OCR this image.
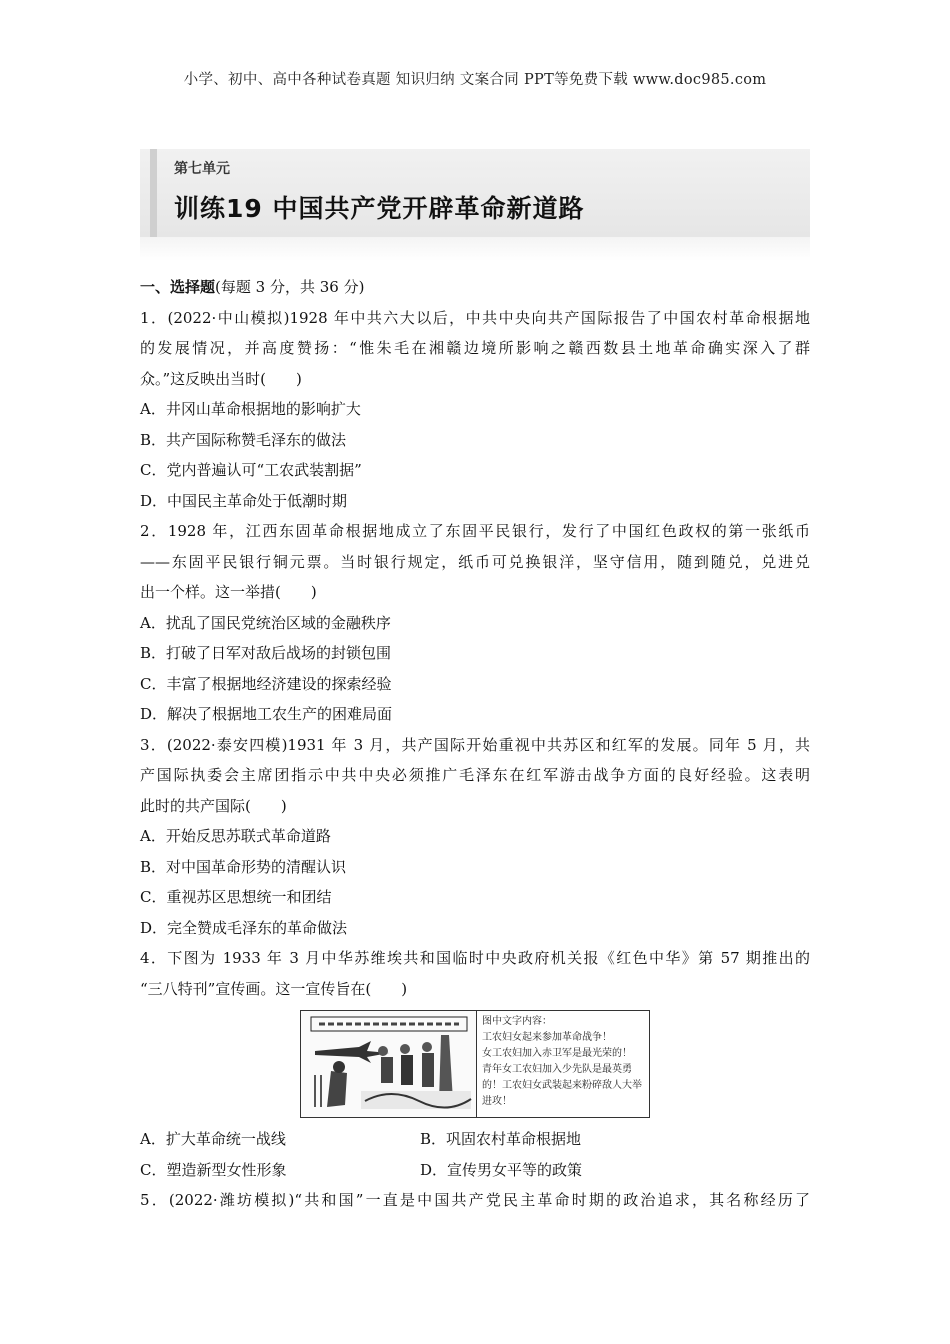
小学、初中、高中各种试卷真题 知识归纳 文案合同 PPT等免费下载 www.doc985.com
第七单元
训练19 中国共产党开辟革命新道路
一、选择题(每题 3 分，共 36 分)
1．(2022·中山模拟)1928 年中共六大以后，中共中央向共产国际报告了中国农村革命根据地
的发展情况，并高度赞扬：“惟朱毛在湘赣边境所影响之赣西数县土地革命确实深入了群
众。”这反映出当时(　　)
A．井冈山革命根据地的影响扩大
B．共产国际称赞毛泽东的做法
C．党内普遍认可“工农武装割据”
D．中国民主革命处于低潮时期
2．1928 年，江西东固革命根据地成立了东固平民银行，发行了中国红色政权的第一张纸币
——东固平民银行铜元票。当时银行规定，纸币可兑换银洋，坚守信用，随到随兑，兑进兑
出一个样。这一举措(　　)
A．扰乱了国民党统治区域的金融秩序
B．打破了日军对敌后战场的封锁包围
C．丰富了根据地经济建设的探索经验
D．解决了根据地工农生产的困难局面
3．(2022·泰安四模)1931 年 3 月，共产国际开始重视中共苏区和红军的发展。同年 5 月，共
产国际执委会主席团指示中共中央必须推广毛泽东在红军游击战争方面的良好经验。这表明
此时的共产国际(　　)
A．开始反思苏联式革命道路
B．对中国革命形势的清醒认识
C．重视苏区思想统一和团结
D．完全赞成毛泽东的革命做法
4．下图为 1933 年 3 月中华苏维埃共和国临时中央政府机关报《红色中华》第 57 期推出的
“三八特刊”宣传画。这一宣传旨在(　　)
图中文字内容：
工农妇女起来参加革命战争！
女工农妇加入赤卫军是最光荣的！
青年女工农妇加入少先队是最英勇的！工农妇女武装起来粉碎敌人大举进攻！
A．扩大革命统一战线	B．巩固农村革命根据地
C．塑造新型女性形象	D．宣传男女平等的政策
5．(2022·潍坊模拟)“共和国”一直是中国共产党民主革命时期的政治追求，其名称经历了
